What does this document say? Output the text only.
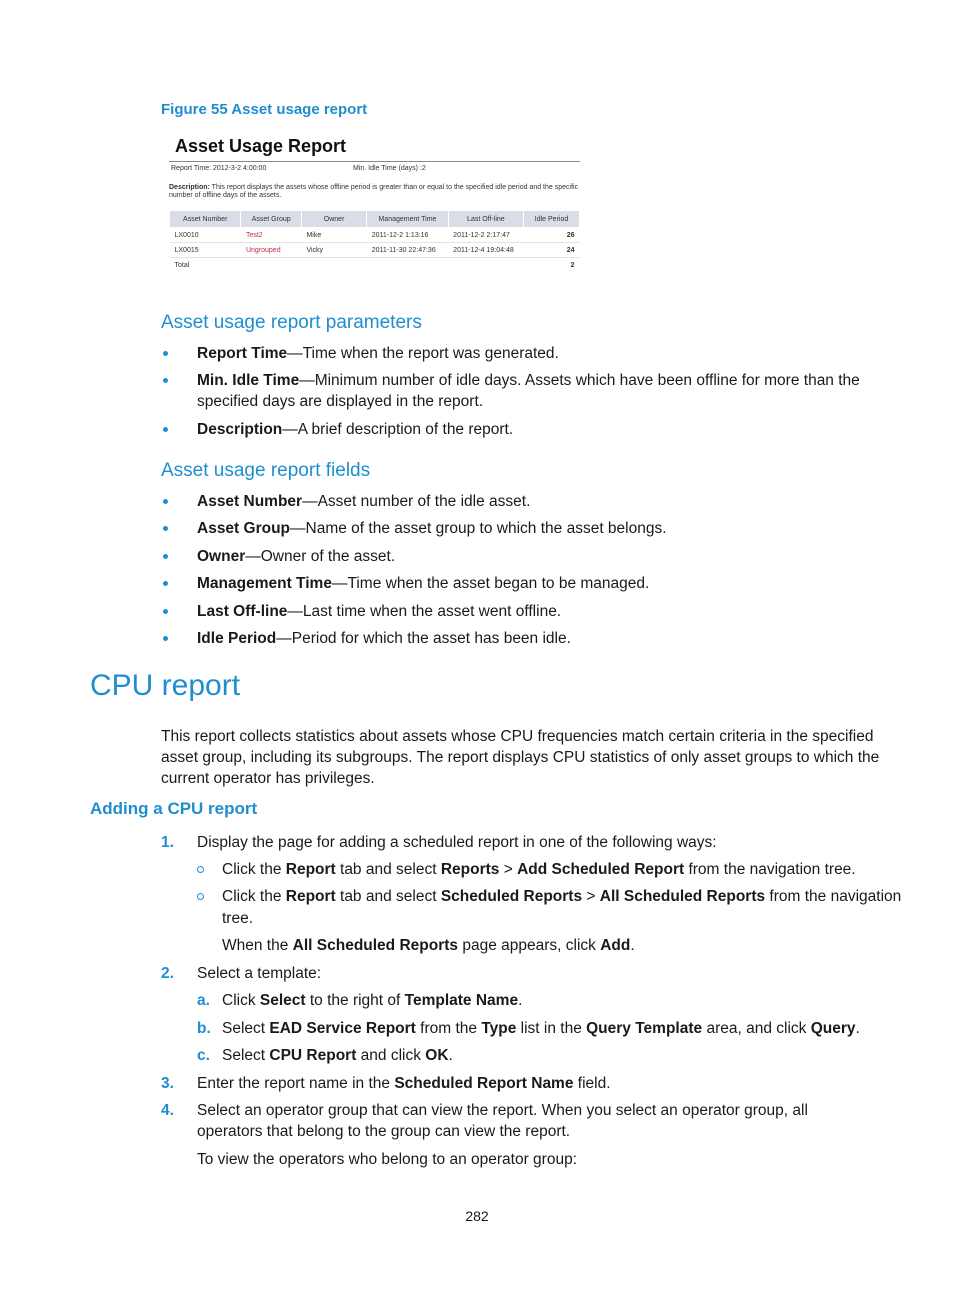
Figure 55 Asset usage report
Asset Usage Report
Report Time: 2012-3-2 4:00:00	Min. Idle Time (days) :2
Description: This report displays the assets whose offline period is greater than or equal to the specified idle period and the specific number of offline days of the assets.
Asset Number	Asset Group	Owner	Management Time	Last Off-line	Idle Period
LX0010	Test2	Mike	2011-12-2 1:13:16	2011-12-2 2:17:47	26
LX0015	Ungrouped	Vicky	2011-11-30 22:47:36	2011-12-4 19:04:48	24
Total					2
Asset usage report parameters
Report Time—Time when the report was generated.
Min. Idle Time—Minimum number of idle days. Assets which have been offline for more than the
specified days are displayed in the report.
Description—A brief description of the report.
Asset usage report fields
Asset Number—Asset number of the idle asset.
Asset Group—Name of the asset group to which the asset belongs.
Owner—Owner of the asset.
Management Time—Time when the asset began to be managed.
Last Off-line—Last time when the asset went offline.
Idle Period—Period for which the asset has been idle.
CPU report
This report collects statistics about assets whose CPU frequencies match certain criteria in the specified
asset group, including its subgroups. The report displays CPU statistics of only asset groups to which the
current operator has privileges.
Adding a CPU report
1. Display the page for adding a scheduled report in one of the following ways:
Click the Report tab and select Reports > Add Scheduled Report from the navigation tree.
Click the Report tab and select Scheduled Reports > All Scheduled Reports from the navigation
tree.
When the All Scheduled Reports page appears, click Add.
2. Select a template:
a. Click Select to the right of Template Name.
b. Select EAD Service Report from the Type list in the Query Template area, and click Query.
c. Select CPU Report and click OK.
3. Enter the report name in the Scheduled Report Name field.
4. Select an operator group that can view the report. When you select an operator group, all
operators that belong to the group can view the report.
To view the operators who belong to an operator group:
282
